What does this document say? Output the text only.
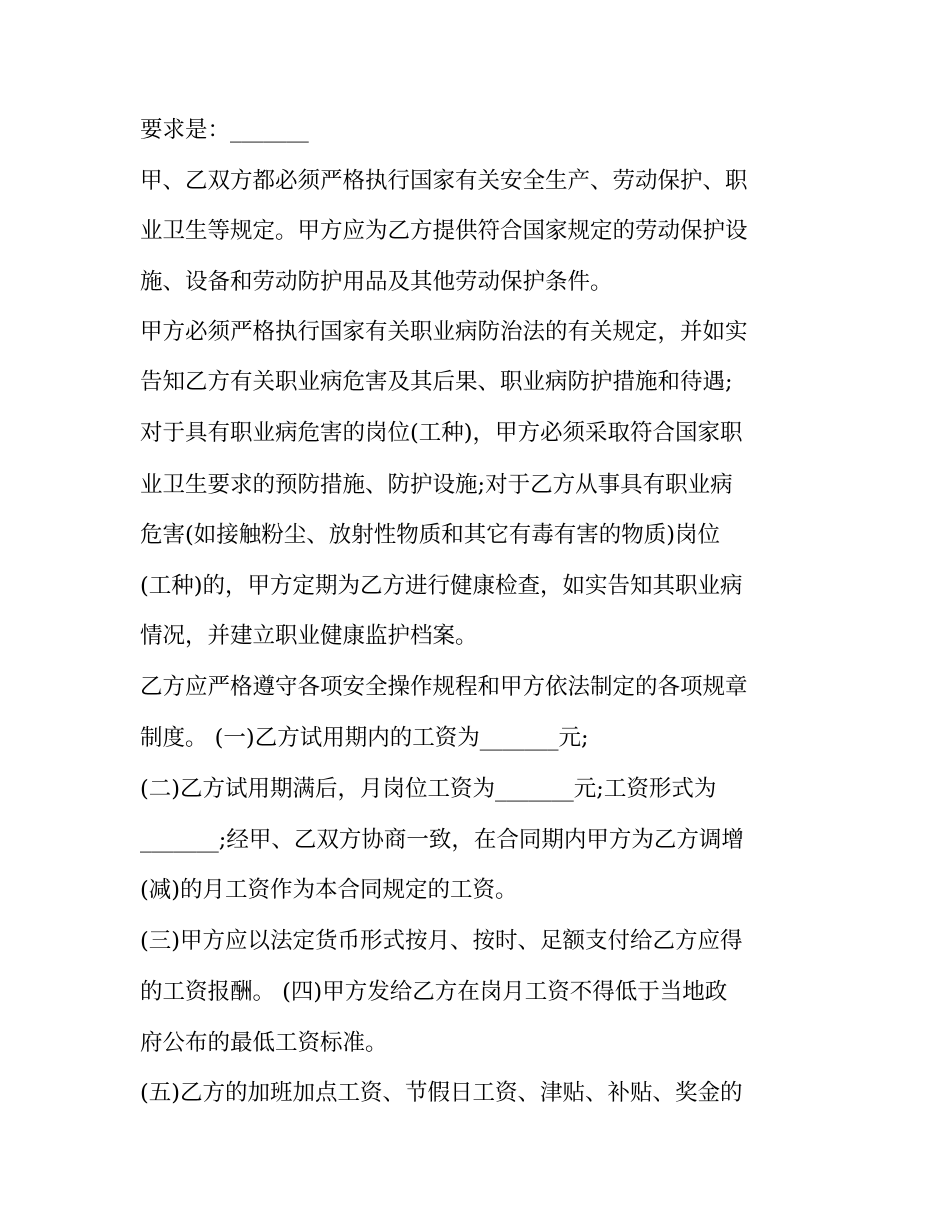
要求是：_______

甲、乙双方都必须严格执行国家有关安全生产、劳动保护、职

业卫生等规定。甲方应为乙方提供符合国家规定的劳动保护设

施、设备和劳动防护用品及其他劳动保护条件。

甲方必须严格执行国家有关职业病防治法的有关规定，并如实

告知乙方有关职业病危害及其后果、职业病防护措施和待遇;

对于具有职业病危害的岗位(工种)，甲方必须采取符合国家职

业卫生要求的预防措施、防护设施;对于乙方从事具有职业病

危害(如接触粉尘、放射性物质和其它有毒有害的物质)岗位

(工种)的，甲方定期为乙方进行健康检查，如实告知其职业病

情况，并建立职业健康监护档案。

乙方应严格遵守各项安全操作规程和甲方依法制定的各项规章

制度。 (一)乙方试用期内的工资为_______元;

(二)乙方试用期满后，月岗位工资为_______元;工资形式为

_______;经甲、乙双方协商一致，在合同期内甲方为乙方调增

(减)的月工资作为本合同规定的工资。

(三)甲方应以法定货币形式按月、按时、足额支付给乙方应得

的工资报酬。 (四)甲方发给乙方在岗月工资不得低于当地政

府公布的最低工资标准。

(五)乙方的加班加点工资、节假日工资、津贴、补贴、奖金的
